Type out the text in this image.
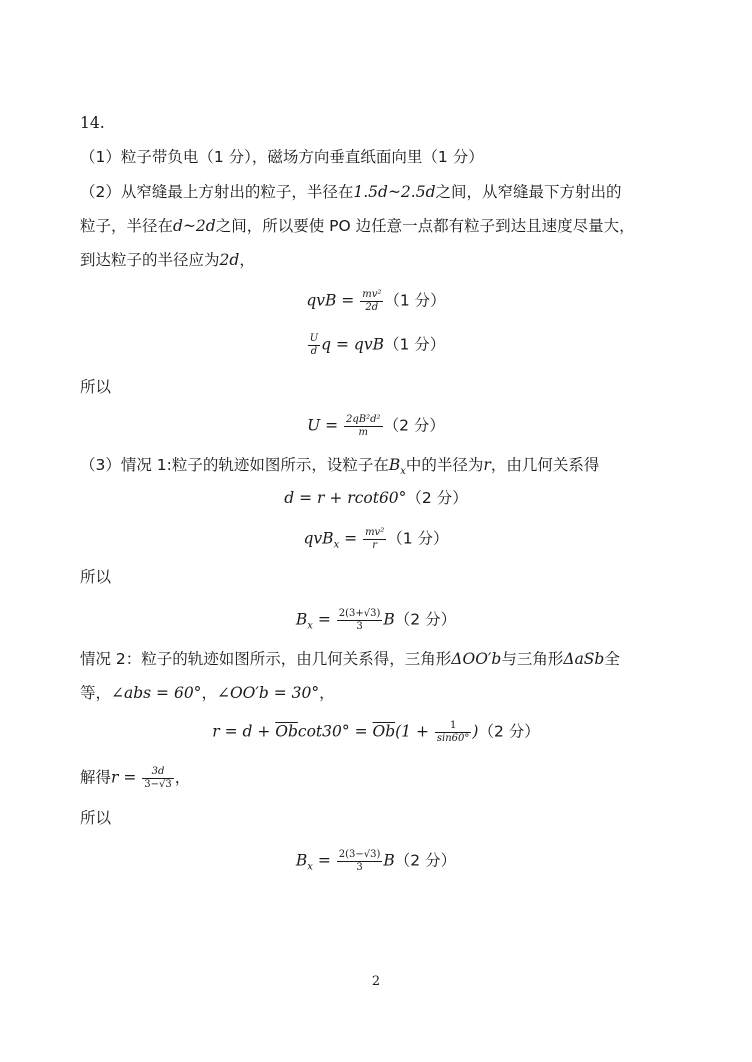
14.
（1）粒子带负电（1 分），磁场方向垂直纸面向里（1 分）
（2）从窄缝最上方射出的粒子，半径在1.5d~2.5d之间，从窄缝最下方射出的
粒子，半径在d~2d之间，所以要使 PO 边任意一点都有粒子到达且速度尽量大，
到达粒子的半径应为2d，
qvB = $\frac{\text{mv²}}{2d} (1$ 分）
$\frac{U}{d}$ q = qvB（1 分）
所以
$U = \frac{\text{2qB²d²}}{m} (2$ 分）
（3）情况 1:粒子的轨迹如图所示，设粒子在$B_x$中的半径为r，由几何关系得
d = r + rcot60°（2 分）
$qvB_x = \frac{\text{mv²}}{r} (1$ 分）
所以
$B_x = \frac{2(3+√3)}{3} B(2$ 分）
情况 2：粒子的轨迹如图所示，由几何关系得，三角形ΔOO′b与三角形ΔaSb全
等，∠abs = 60°，∠OO′b = 30°，
$r = d + \overline{Ob}\cot 30^\circ = \overline{Ob}(1 + \frac{1}{\sin 60^\circ} )(2$ 分）
解得$r = \frac{3d}{3-√3}$ ，
所以
$B_x = \frac{2(3-√3)}{3} B(2$ 分）
2
